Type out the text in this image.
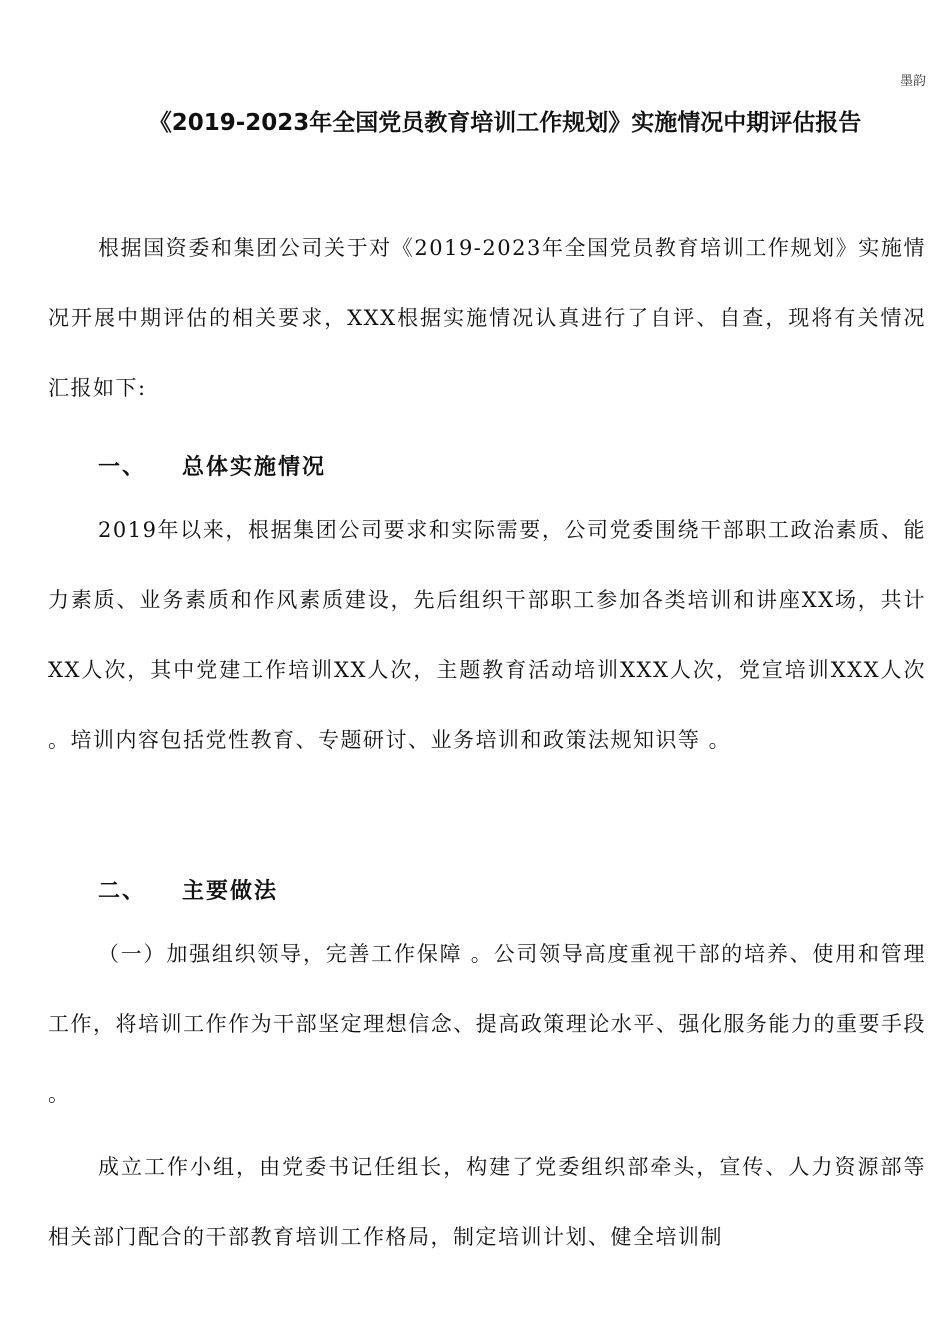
墨韵
《2019-2023年全国党员教育培训工作规划》实施情况中期评估报告

根据国资委和集团公司关于对《2019-2023年全国党员教育培训工作规划》实施情况开展中期评估的相关要求，XXX根据实施情况认真进行了自评、自查，现将有关情况汇报如下:

一、 总体实施情况

2019年以来，根据集团公司要求和实际需要，公司党委围绕干部职工政治素质、能力素质、业务素质和作风素质建设，先后组织干部职工参加各类培训和讲座XX场，共计XX人次，其中党建工作培训XX人次，主题教育活动培训XXX人次，党宣培训XXX人次 。培训内容包括党性教育、专题研讨、业务培训和政策法规知识等 。

二、 主要做法

（一）加强组织领导，完善工作保障 。公司领导高度重视干部的培养、使用和管理工作，将培训工作作为干部坚定理想信念、提高政策理论水平、强化服务能力的重要手段 。

成立工作小组，由党委书记任组长，构建了党委组织部牵头，宣传、人力资源部等相关部门配合的干部教育培训工作格局，制定培训计划、健全培训制
